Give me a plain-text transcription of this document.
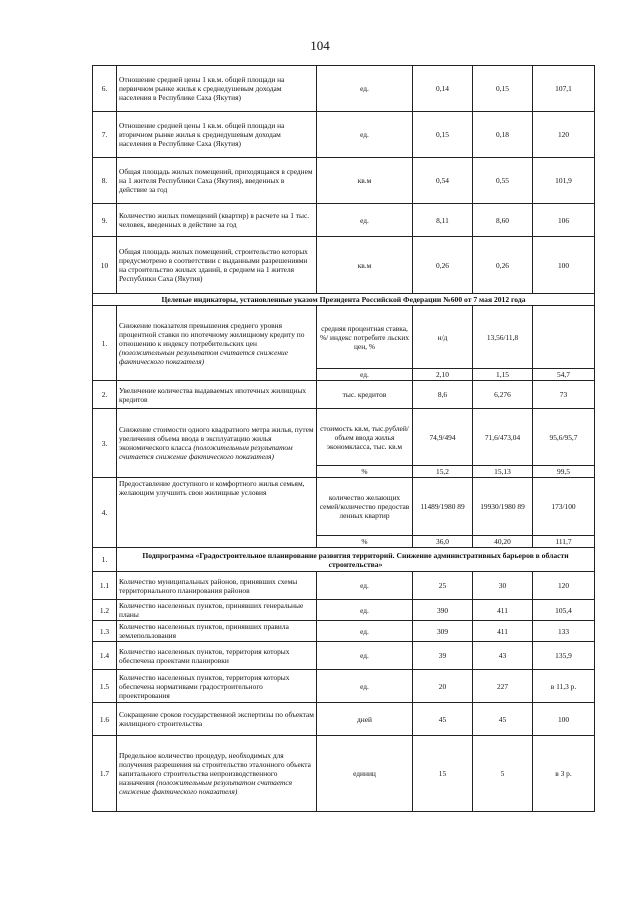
104
6.	Отношение средней цены 1 кв.м. общей площади на первичном рынке жилья к среднедушевым доходам населения в Республике Саха (Якутия)	ед.	0,14	0,15	107,1
7.	Отношение средней цены 1 кв.м. общей площади на вторичном рынке жилья к среднедушевым доходам населения в Республике Саха (Якутия)	ед.	0,15	0,18	120
8.	Общая площадь жилых помещений, приходящаяся в среднем на 1 жителя Республики Саха (Якутия), введенных в действие за год	кв.м	0,54	0,55	101,9
9.	Количество жилых помещений (квартир) в расчете на 1 тыс. человек, введенных в действие за год	ед.	8,11	8,60	106
10	Общая площадь жилых помещений, строительство которых предусмотрено в соответствии с выданными разрешениями на строительство жилых зданий, в среднем на 1 жителя Республики Саха (Якутия)	кв.м	0,26	0,26	100
Целевые индикаторы, установленные указом Президента Российской Федерации №600 от 7 мая 2012 года					
1.	Снижение показателя превышения среднего уровня процентной ставки по ипотечному жилищному кредиту по отношению к индексу потребительских цен (положительным результатом считается снижение фактического показателя)	средняя процентная ставка, %/ индекс потребите льских цен, %	н/д	13,56/11,8	
		ед.	2,10	1,15	54,7
2.	Увеличение количества выдаваемых ипотечных жилищных кредитов	тыс. кредитов	8,6	6,276	73
3.	Снижение стоимости одного квадратного метра жилья, путем увеличения объема ввода в эксплуатацию жилья экономического класса (положительным результатом считается снижение фактического показателя)	стоимость кв.м, тыс.рублей/объем ввода жилья экономкласса, тыс. кв.м	74,9/494	71,6/473,04	95,6/95,7
		%	15,2	15,13	99,5
4.	Предоставление доступного и комфортного жилья семьям, желающим улучшить свои жилищные условия	количество желающих семей/количество предостав ленных квартир	11489/1980 89	19930/1980 89	173/100
		%	36,0	40,20	111,7
1.	Подпрограмма «Градостроительное планирование развития территорий. Снижение административных барьеров в области строительства»				
1.1	Количество муниципальных районов, принявших схемы территориального планирования районов	ед.	25	30	120
1.2	Количество населенных пунктов, принявших генеральные планы	ед.	390	411	105,4
1.3	Количество населенных пунктов, принявших правила землепользования	ед.	309	411	133
1.4	Количество населенных пунктов, территория которых обеспечена проектами планировки	ед.	39	43	135,9
1.5	Количество населенных пунктов, территория которых обеспечена нормативами градостроительного проектирования	ед.	20	227	в 11,3 р.
1.6	Сокращение сроков государственной экспертизы по объектам жилищного строительства	дней	45	45	100
1.7	Предельное количество процедур, необходимых для получения разрешения на строительство эталонного объекта капитального строительства непроизводственного назначения (положительным результатом считается снижение фактического показателя)	единиц	15	5	в 3 р.
